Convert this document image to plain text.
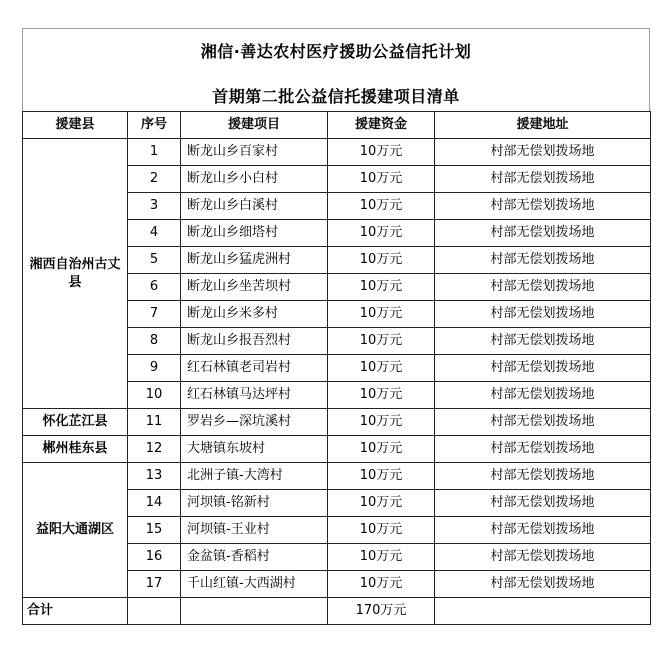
湘信·善达农村医疗援助公益信托计划
首期第二批公益信托援建项目清单
援建县	序号	援建项目	援建资金	援建地址
湘西自治州古丈县	1	断龙山乡百家村	10万元	村部无偿划拨场地
	2	断龙山乡小白村	10万元	村部无偿划拨场地
	3	断龙山乡白溪村	10万元	村部无偿划拨场地
	4	断龙山乡细塔村	10万元	村部无偿划拨场地
	5	断龙山乡猛虎洲村	10万元	村部无偿划拨场地
	6	断龙山乡坐苦坝村	10万元	村部无偿划拨场地
	7	断龙山乡米多村	10万元	村部无偿划拨场地
	8	断龙山乡报吾烈村	10万元	村部无偿划拨场地
	9	红石林镇老司岩村	10万元	村部无偿划拨场地
	10	红石林镇马达坪村	10万元	村部无偿划拨场地
怀化芷江县	11	罗岩乡—深坑溪村	10万元	村部无偿划拨场地
郴州桂东县	12	大塘镇东坡村	10万元	村部无偿划拨场地
益阳大通湖区	13	北洲子镇-大湾村	10万元	村部无偿划拨场地
	14	河坝镇-铭新村	10万元	村部无偿划拨场地
	15	河坝镇-王业村	10万元	村部无偿划拨场地
	16	金盆镇-香稻村	10万元	村部无偿划拨场地
	17	千山红镇-大西湖村	10万元	村部无偿划拨场地
合计			170万元	
